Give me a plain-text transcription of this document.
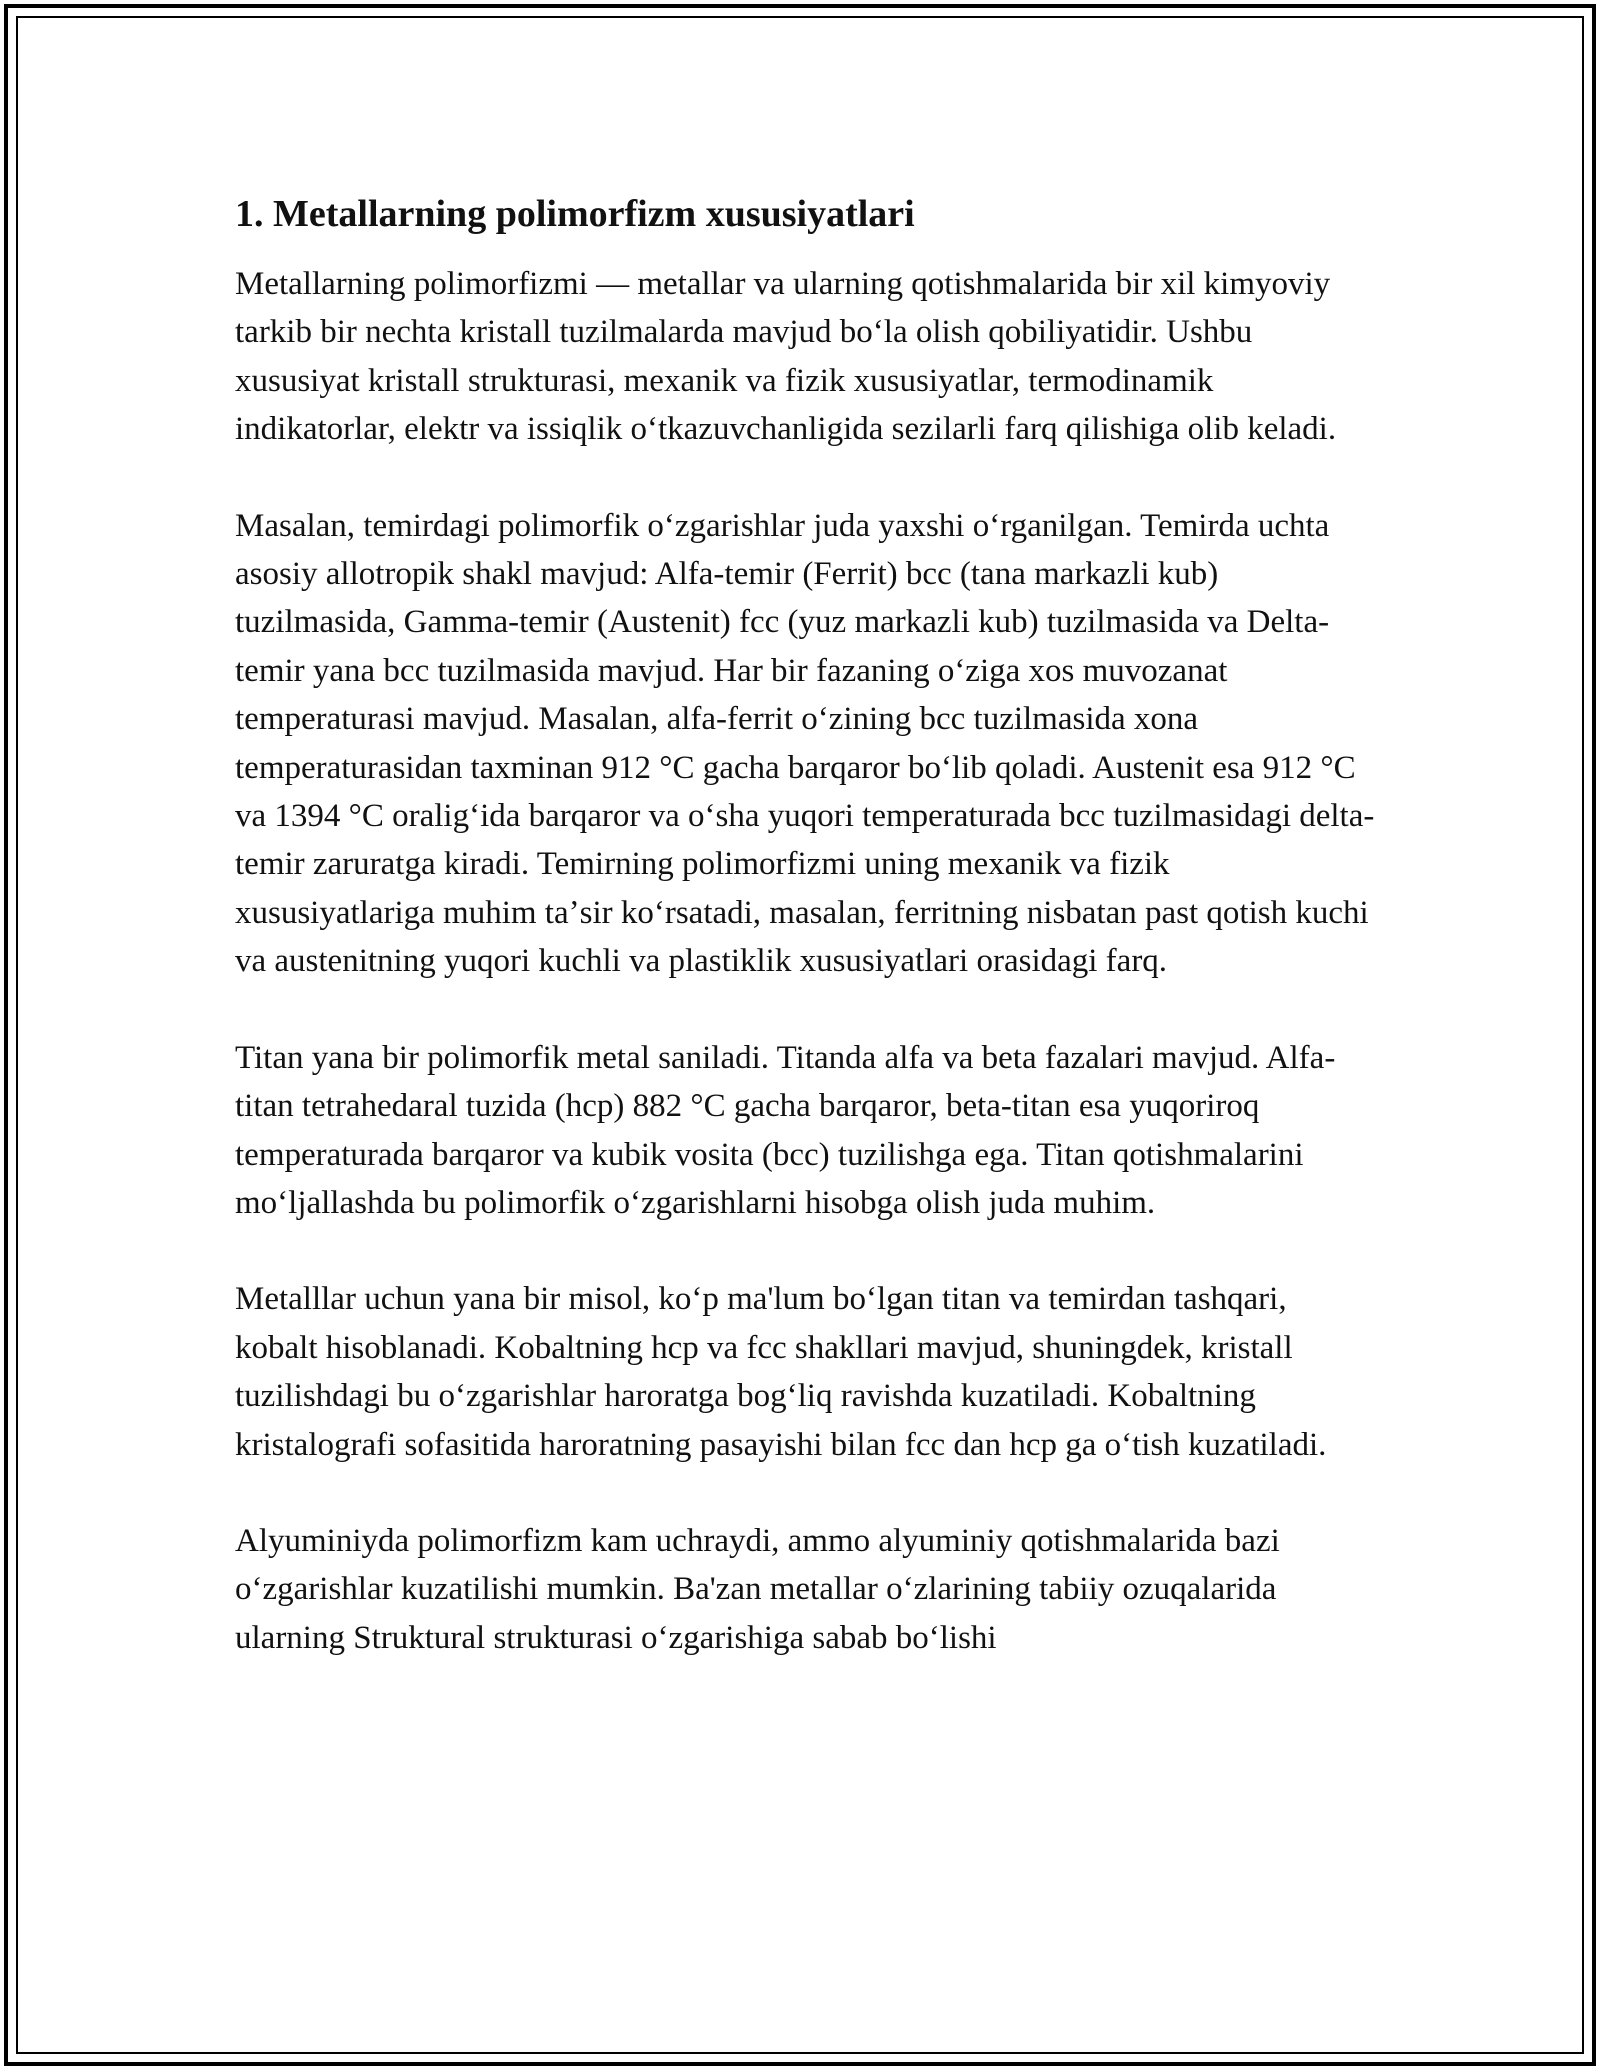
1. Metallarning polimorfizm xususiyatlari

Metallarning polimorfizmi — metallar va ularning qotishmalarida bir xil kimyoviy tarkib bir nechta kristall tuzilmalarda mavjud boʻla olish qobiliyatidir. Ushbu xususiyat kristall strukturasi, mexanik va fizik xususiyatlar, termodinamik indikatorlar, elektr va issiqlik oʻtkazuvchanligida sezilarli farq qilishiga olib keladi.

Masalan, temirdagi polimorfik oʻzgarishlar juda yaxshi oʻrganilgan. Temirda uchta asosiy allotropik shakl mavjud: Alfa-temir (Ferrit) bcc (tana markazli kub) tuzilmasida, Gamma-temir (Austenit) fcc (yuz markazli kub) tuzilmasida va Delta-temir yana bcc tuzilmasida mavjud. Har bir fazaning oʻziga xos muvozanat temperaturasi mavjud. Masalan, alfa-ferrit oʻzining bcc tuzilmasida xona temperaturasidan taxminan 912 °C gacha barqaror boʻlib qoladi. Austenit esa 912 °C va 1394 °C oraligʻida barqaror va oʻsha yuqori temperaturada bcc tuzilmasidagi delta-temir zaruratga kiradi. Temirning polimorfizmi uning mexanik va fizik xususiyatlariga muhim taʼsir koʻrsatadi, masalan, ferritning nisbatan past qotish kuchi va austenitning yuqori kuchli va plastiklik xususiyatlari orasidagi farq.

Titan yana bir polimorfik metal saniladi. Titanda alfa va beta fazalari mavjud. Alfa-titan tetrahedaral tuzida (hcp) 882 °C gacha barqaror, beta-titan esa yuqoriroq temperaturada barqaror va kubik vosita (bcc) tuzilishga ega. Titan qotishmalarini moʻljallashda bu polimorfik oʻzgarishlarni hisobga olish juda muhim.

Metalllar uchun yana bir misol, koʻp ma'lum boʻlgan titan va temirdan tashqari, kobalt hisoblanadi. Kobaltning hcp va fcc shakllari mavjud, shuningdek, kristall tuzilishdagi bu oʻzgarishlar haroratga bogʻliq ravishda kuzatiladi. Kobaltning kristalografi sofasitida haroratning pasayishi bilan fcc dan hcp ga oʻtish kuzatiladi.

Alyuminiyda polimorfizm kam uchraydi, ammo alyuminiy qotishmalarida bazi oʻzgarishlar kuzatilishi mumkin. Ba'zan metallar oʻzlarining tabiiy ozuqalarida ularning Struktural strukturasi oʻzgarishiga sabab boʻlishi
